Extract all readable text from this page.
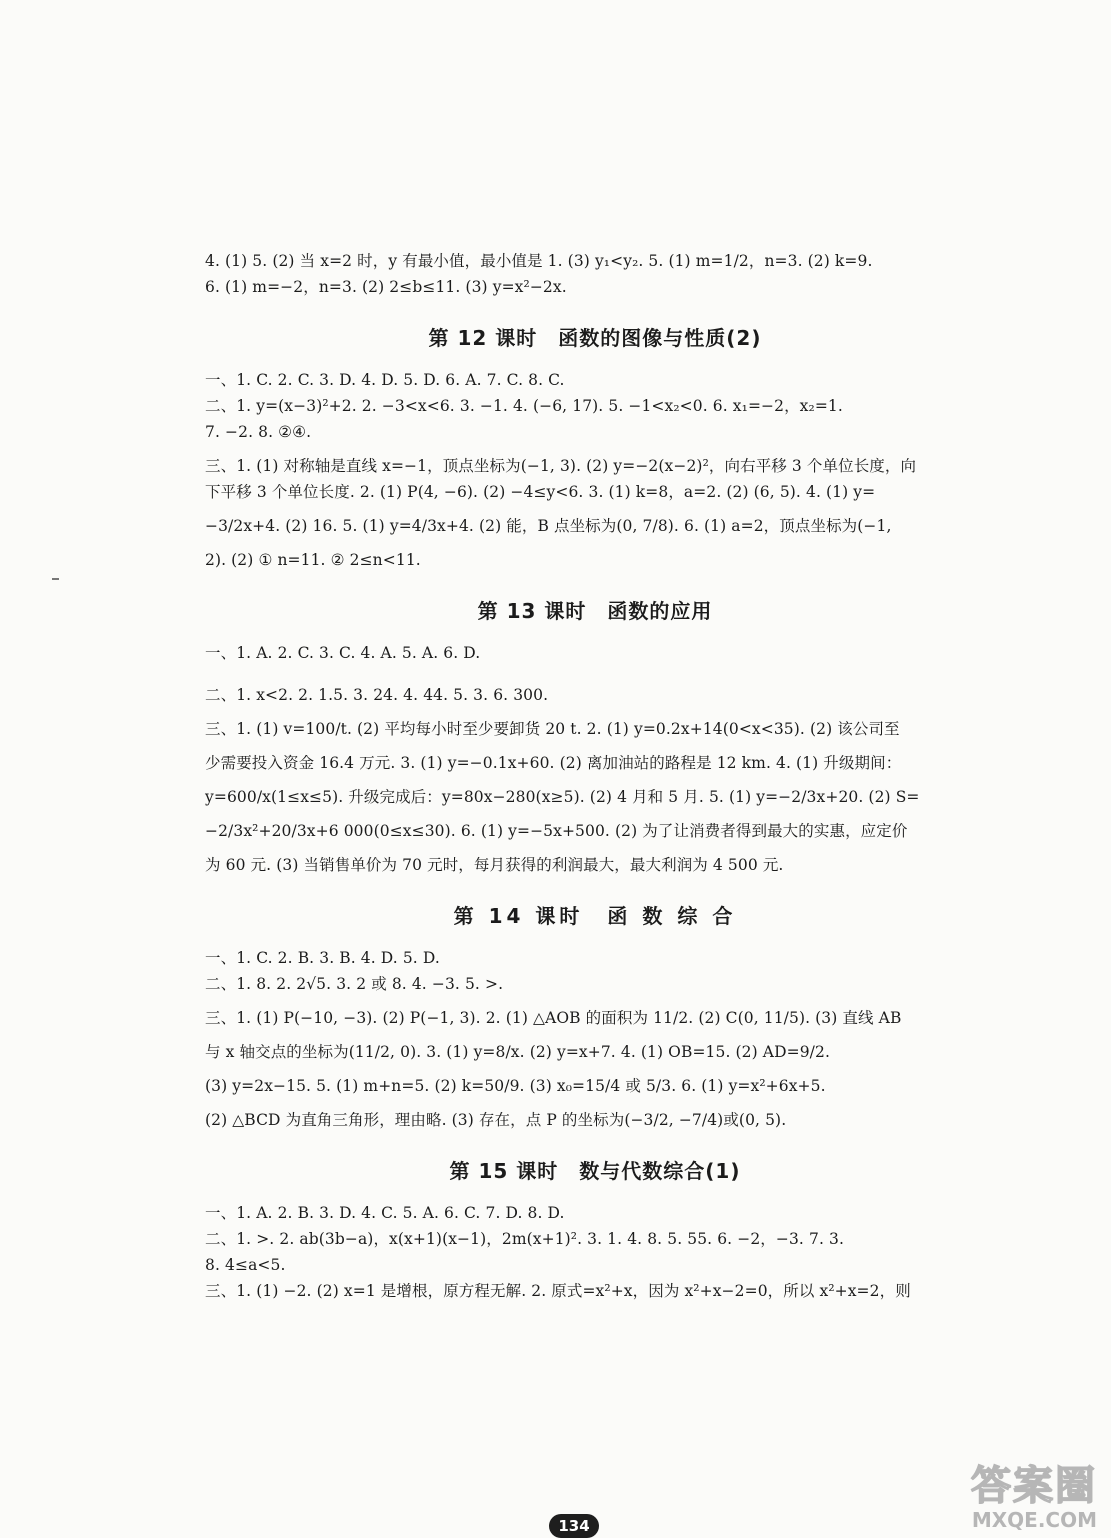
4. (1) 5. (2) 当 x=2 时，y 有最小值，最小值是 1. (3) y₁<y₂. 5. (1) m=1/2，n=3. (2) k=9.
6. (1) m=−2，n=3. (2) 2≤b≤11. (3) y=x²−2x.
第 12 课时　函数的图像与性质(2)
一、1. C. 2. C. 3. D. 4. D. 5. D. 6. A. 7. C. 8. C.
二、1. y=(x−3)²+2. 2. −3<x<6. 3. −1. 4. (−6, 17). 5. −1<x₂<0. 6. x₁=−2，x₂=1.
7. −2. 8. ②④.
三、1. (1) 对称轴是直线 x=−1，顶点坐标为(−1, 3). (2) y=−2(x−2)²，向右平移 3 个单位长度，向
下平移 3 个单位长度. 2. (1) P(4, −6). (2) −4≤y<6. 3. (1) k=8，a=2. (2) (6, 5). 4. (1) y=
−3/2x+4. (2) 16. 5. (1) y=4/3x+4. (2) 能，B 点坐标为(0, 7/8). 6. (1) a=2，顶点坐标为(−1,
2). (2) ① n=11. ② 2≤n<11.
第 13 课时　函数的应用
一、1. A. 2. C. 3. C. 4. A. 5. A. 6. D.
二、1. x<2. 2. 1.5. 3. 24. 4. 44. 5. 3. 6. 300.
三、1. (1) v=100/t. (2) 平均每小时至少要卸货 20 t. 2. (1) y=0.2x+14(0<x<35). (2) 该公司至
少需要投入资金 16.4 万元. 3. (1) y=−0.1x+60. (2) 离加油站的路程是 12 km. 4. (1) 升级期间：
y=600/x(1≤x≤5). 升级完成后：y=80x−280(x≥5). (2) 4 月和 5 月. 5. (1) y=−2/3x+20. (2) S=
−2/3x²+20/3x+6 000(0≤x≤30). 6. (1) y=−5x+500. (2) 为了让消费者得到最大的实惠，应定价
为 60 元. (3) 当销售单价为 70 元时，每月获得的利润最大，最大利润为 4 500 元.
第 14 课时　函 数 综 合
一、1. C. 2. B. 3. B. 4. D. 5. D.
二、1. 8. 2. 2√5. 3. 2 或 8. 4. −3. 5. >.
三、1. (1) P(−10, −3). (2) P(−1, 3). 2. (1) △AOB 的面积为 11/2. (2) C(0, 11/5). (3) 直线 AB
与 x 轴交点的坐标为(11/2, 0). 3. (1) y=8/x. (2) y=x+7. 4. (1) OB=15. (2) AD=9/2.
(3) y=2x−15. 5. (1) m+n=5. (2) k=50/9. (3) x₀=15/4 或 5/3. 6. (1) y=x²+6x+5.
(2) △BCD 为直角三角形，理由略. (3) 存在，点 P 的坐标为(−3/2, −7/4)或(0, 5).
第 15 课时　数与代数综合(1)
一、1. A. 2. B. 3. D. 4. C. 5. A. 6. C. 7. D. 8. D.
二、1. >. 2. ab(3b−a)，x(x+1)(x−1)，2m(x+1)². 3. 1. 4. 8. 5. 55. 6. −2，−3. 7. 3.
8. 4≤a<5.
三、1. (1) −2. (2) x=1 是增根，原方程无解. 2. 原式=x²+x，因为 x²+x−2=0，所以 x²+x=2，则
134
答案圈
MXQE.COM
